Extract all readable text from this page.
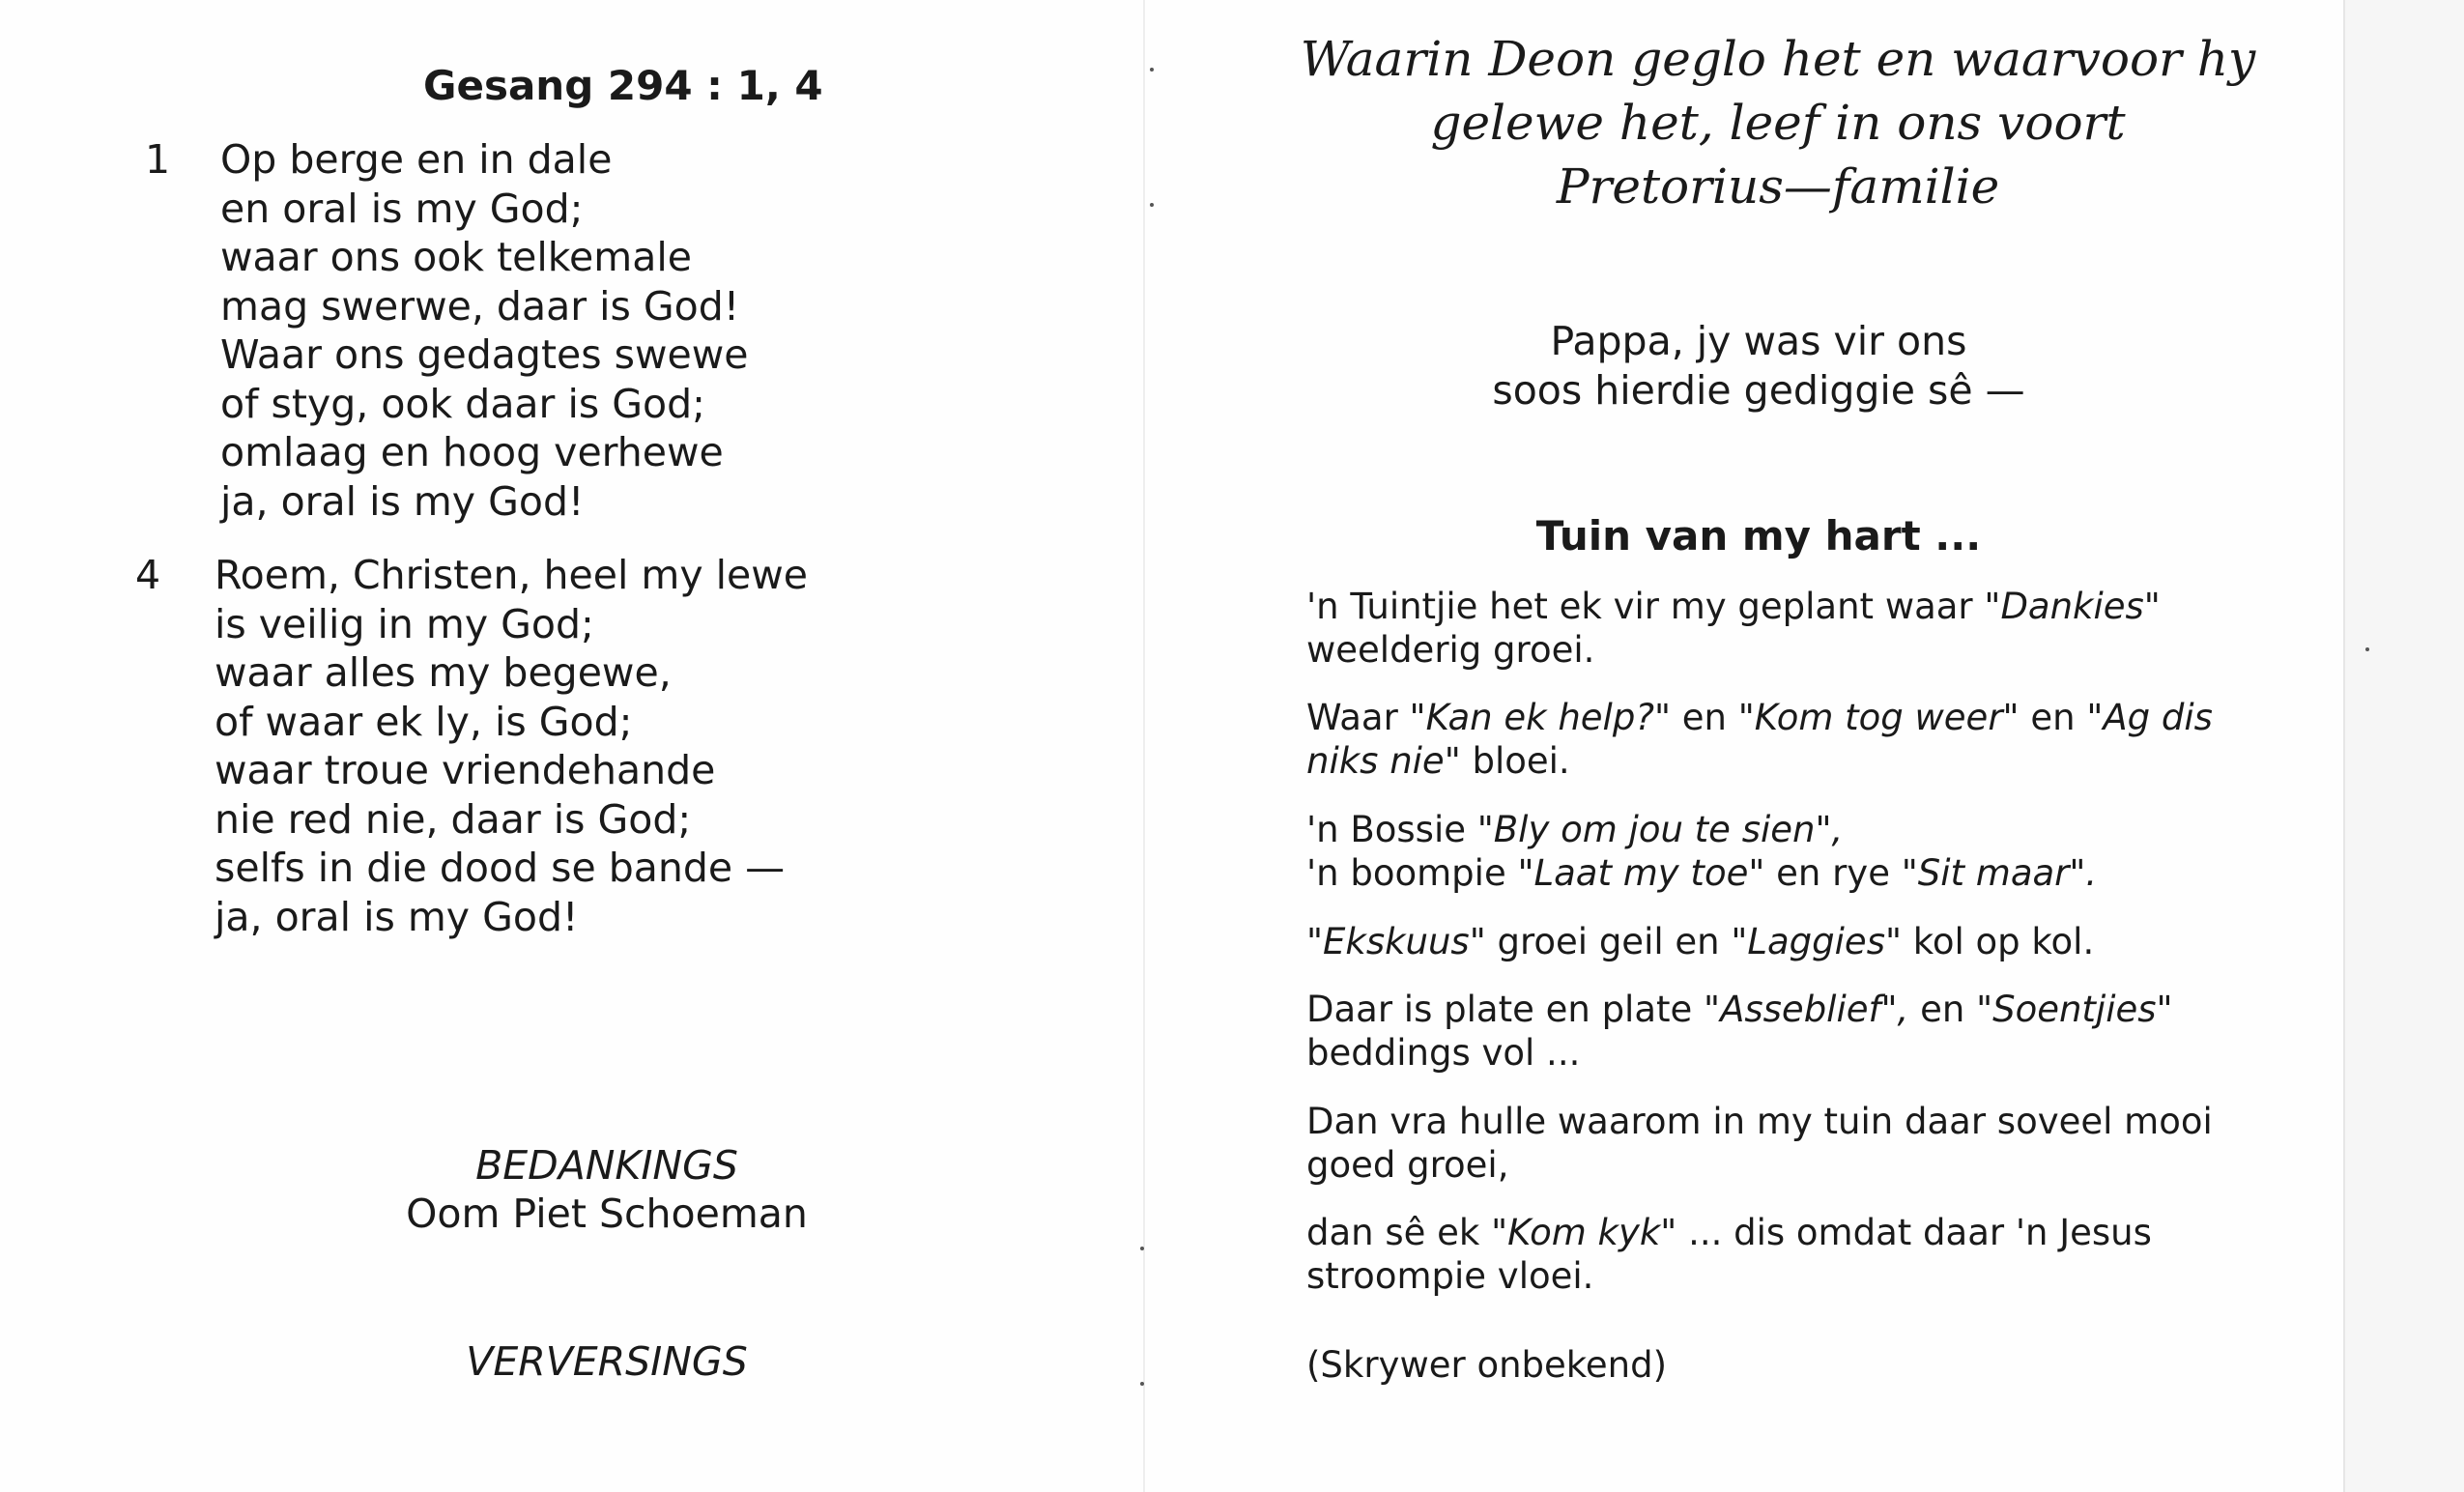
Gesang 294 : 1, 4
1 Op berge en in dale
en oral is my God;
waar ons ook telkemale
mag swerwe, daar is God!
Waar ons gedagtes swewe
of styg, ook daar is God;
omlaag en hoog verhewe
ja, oral is my God!
4 Roem, Christen, heel my lewe
is veilig in my God;
waar alles my begewe,
of waar ek ly, is God;
waar troue vriendehande
nie red nie, daar is God;
selfs in die dood se bande —
ja, oral is my God!
BEDANKINGS
Oom Piet Schoeman
VERVERSINGS
Waarin Deon geglo het en waarvoor hy
gelewe het, leef in ons voort
Pretorius—familie
Pappa, jy was vir ons
soos hierdie gediggie sê —
Tuin van my hart ...
'n Tuintjie het ek vir my geplant waar "Dankies" weelderig groei.
Waar "Kan ek help?" en "Kom tog weer" en "Ag dis niks nie" bloei.
'n Bossie "Bly om jou te sien",
'n boompie "Laat my toe" en rye "Sit maar".
"Ekskuus" groei geil en "Laggies" kol op kol.
Daar is plate en plate "Asseblief", en "Soentjies" beddings vol ...
Dan vra hulle waarom in my tuin daar soveel mooi goed groei,
dan sê ek "Kom kyk" ... dis omdat daar 'n Jesus stroompie vloei.
(Skrywer onbekend)
